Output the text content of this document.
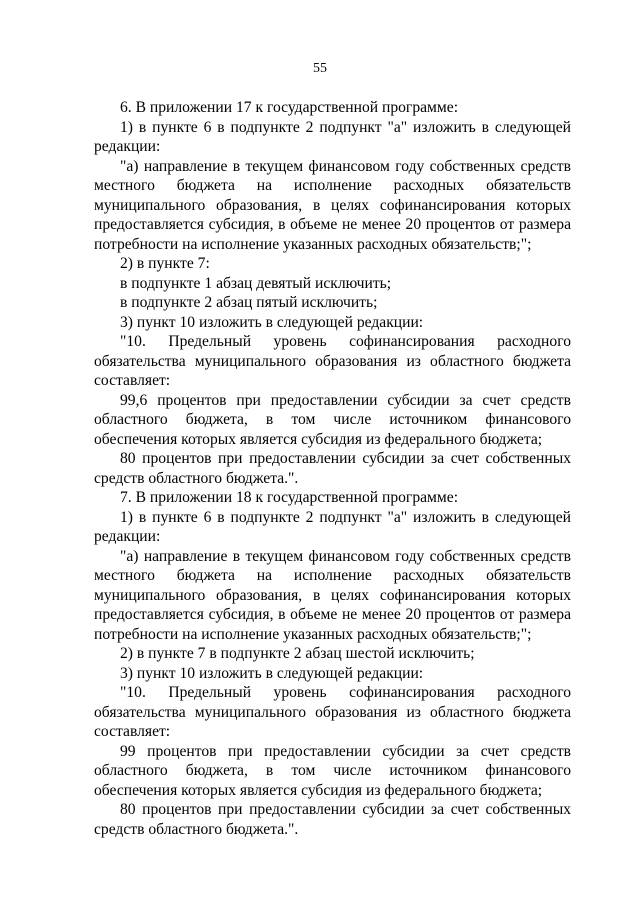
55

6. В приложении 17 к государственной программе:

1) в пункте 6 в подпункте 2 подпункт "а" изложить в следующей редакции:

"а) направление в текущем финансовом году собственных средств местного бюджета на исполнение расходных обязательств муниципального образования, в целях софинансирования которых предоставляется субсидия, в объеме не менее 20 процентов от размера потребности на исполнение указанных расходных обязательств;";

2) в пункте 7:

в подпункте 1 абзац девятый исключить;

в подпункте 2 абзац пятый исключить;

3) пункт 10 изложить в следующей редакции:

"10. Предельный уровень софинансирования расходного обязательства муниципального образования из областного бюджета составляет:

99,6 процентов при предоставлении субсидии за счет средств областного бюджета, в том числе источником финансового обеспечения которых является субсидия из федерального бюджета;

80 процентов при предоставлении субсидии за счет собственных средств областного бюджета.".

7. В приложении 18 к государственной программе:

1) в пункте 6 в подпункте 2 подпункт "а" изложить в следующей редакции:

"а) направление в текущем финансовом году собственных средств местного бюджета на исполнение расходных обязательств муниципального образования, в целях софинансирования которых предоставляется субсидия, в объеме не менее 20 процентов от размера потребности на исполнение указанных расходных обязательств;";

2) в пункте 7 в подпункте 2 абзац шестой исключить;

3) пункт 10 изложить в следующей редакции:

"10. Предельный уровень софинансирования расходного обязательства муниципального образования из областного бюджета составляет:

99 процентов при предоставлении субсидии за счет средств областного бюджета, в том числе источником финансового обеспечения которых является субсидия из федерального бюджета;

80 процентов при предоставлении субсидии за счет собственных средств областного бюджета.".
